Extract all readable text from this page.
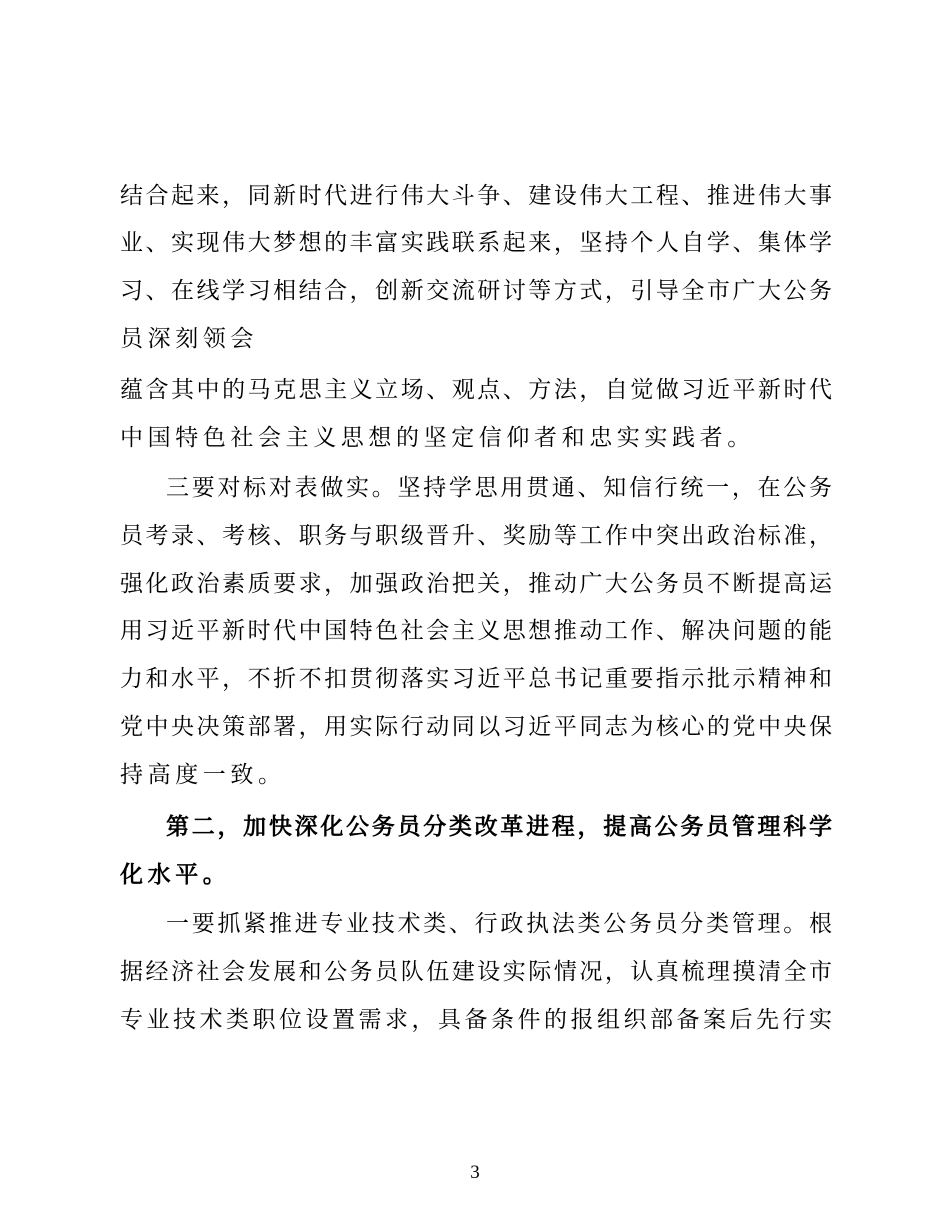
结合起来，同新时代进行伟大斗争、建设伟大工程、推进伟大事
业、实现伟大梦想的丰富实践联系起来，坚持个人自学、集体学
习、在线学习相结合，创新交流研讨等方式，引导全市广大公务
员深刻领会
蕴含其中的马克思主义立场、观点、方法，自觉做习近平新时代
中国特色社会主义思想的坚定信仰者和忠实实践者。
三要对标对表做实。坚持学思用贯通、知信行统一，在公务
员考录、考核、职务与职级晋升、奖励等工作中突出政治标准，
强化政治素质要求，加强政治把关，推动广大公务员不断提高运
用习近平新时代中国特色社会主义思想推动工作、解决问题的能
力和水平，不折不扣贯彻落实习近平总书记重要指示批示精神和
党中央决策部署，用实际行动同以习近平同志为核心的党中央保
持高度一致。
第二，加快深化公务员分类改革进程，提高公务员管理科学
化水平。
一要抓紧推进专业技术类、行政执法类公务员分类管理。根
据经济社会发展和公务员队伍建设实际情况，认真梳理摸清全市
专业技术类职位设置需求，具备条件的报组织部备案后先行实
3
